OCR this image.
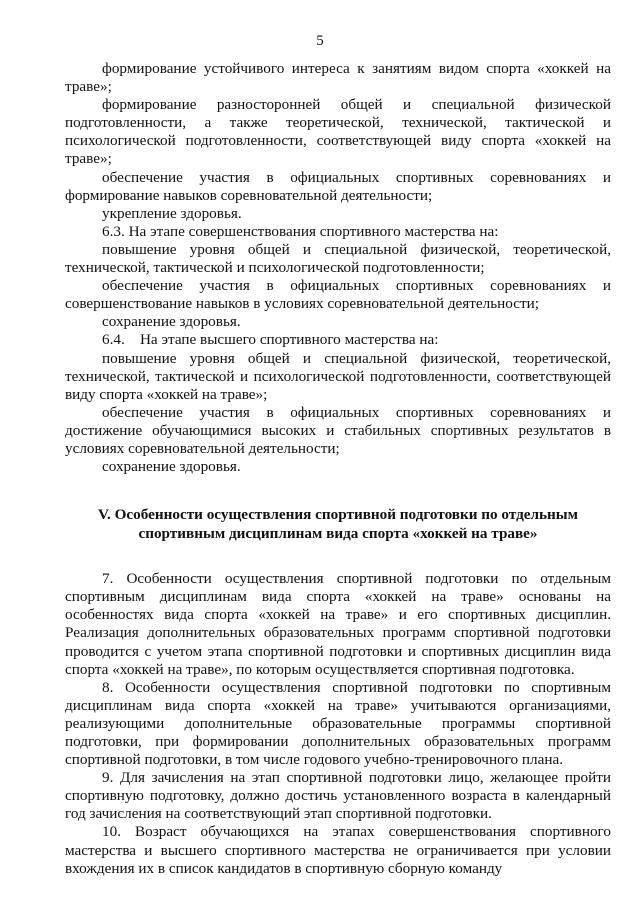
5

формирование устойчивого интереса к занятиям видом спорта «хоккей на траве»;

формирование разносторонней общей и специальной физической подготовленности, а также теоретической, технической, тактической и психологической подготовленности, соответствующей виду спорта «хоккей на траве»;

обеспечение участия в официальных спортивных соревнованиях и формирование навыков соревновательной деятельности;

укрепление здоровья.

6.3. На этапе совершенствования спортивного мастерства на:

повышение уровня общей и специальной физической, теоретической, технической, тактической и психологической подготовленности;

обеспечение участия в официальных спортивных соревнованиях и совершенствование навыков в условиях соревновательной деятельности;

сохранение здоровья.

6.4.    На этапе высшего спортивного мастерства на:

повышение уровня общей и специальной физической, теоретической, технической, тактической и психологической подготовленности, соответствующей виду спорта «хоккей на траве»;

обеспечение участия в официальных спортивных соревнованиях и достижение обучающимися высоких и стабильных спортивных результатов в условиях соревновательной деятельности;

сохранение здоровья.

V. Особенности осуществления спортивной подготовки по отдельным спортивным дисциплинам вида спорта «хоккей на траве»

7. Особенности осуществления спортивной подготовки по отдельным спортивным дисциплинам вида спорта «хоккей на траве» основаны на особенностях вида спорта «хоккей на траве» и его спортивных дисциплин. Реализация дополнительных образовательных программ спортивной подготовки проводится с учетом этапа спортивной подготовки и спортивных дисциплин вида спорта «хоккей на траве», по которым осуществляется спортивная подготовка.

8. Особенности осуществления спортивной подготовки по спортивным дисциплинам вида спорта «хоккей на траве» учитываются организациями, реализующими дополнительные образовательные программы спортивной подготовки, при формировании дополнительных образовательных программ спортивной подготовки, в том числе годового учебно-тренировочного плана.

9. Для зачисления на этап спортивной подготовки лицо, желающее пройти спортивную подготовку, должно достичь установленного возраста в календарный год зачисления на соответствующий этап спортивной подготовки.

10. Возраст обучающихся на этапах совершенствования спортивного мастерства и высшего спортивного мастерства не ограничивается при условии вхождения их в список кандидатов в спортивную сборную команду
